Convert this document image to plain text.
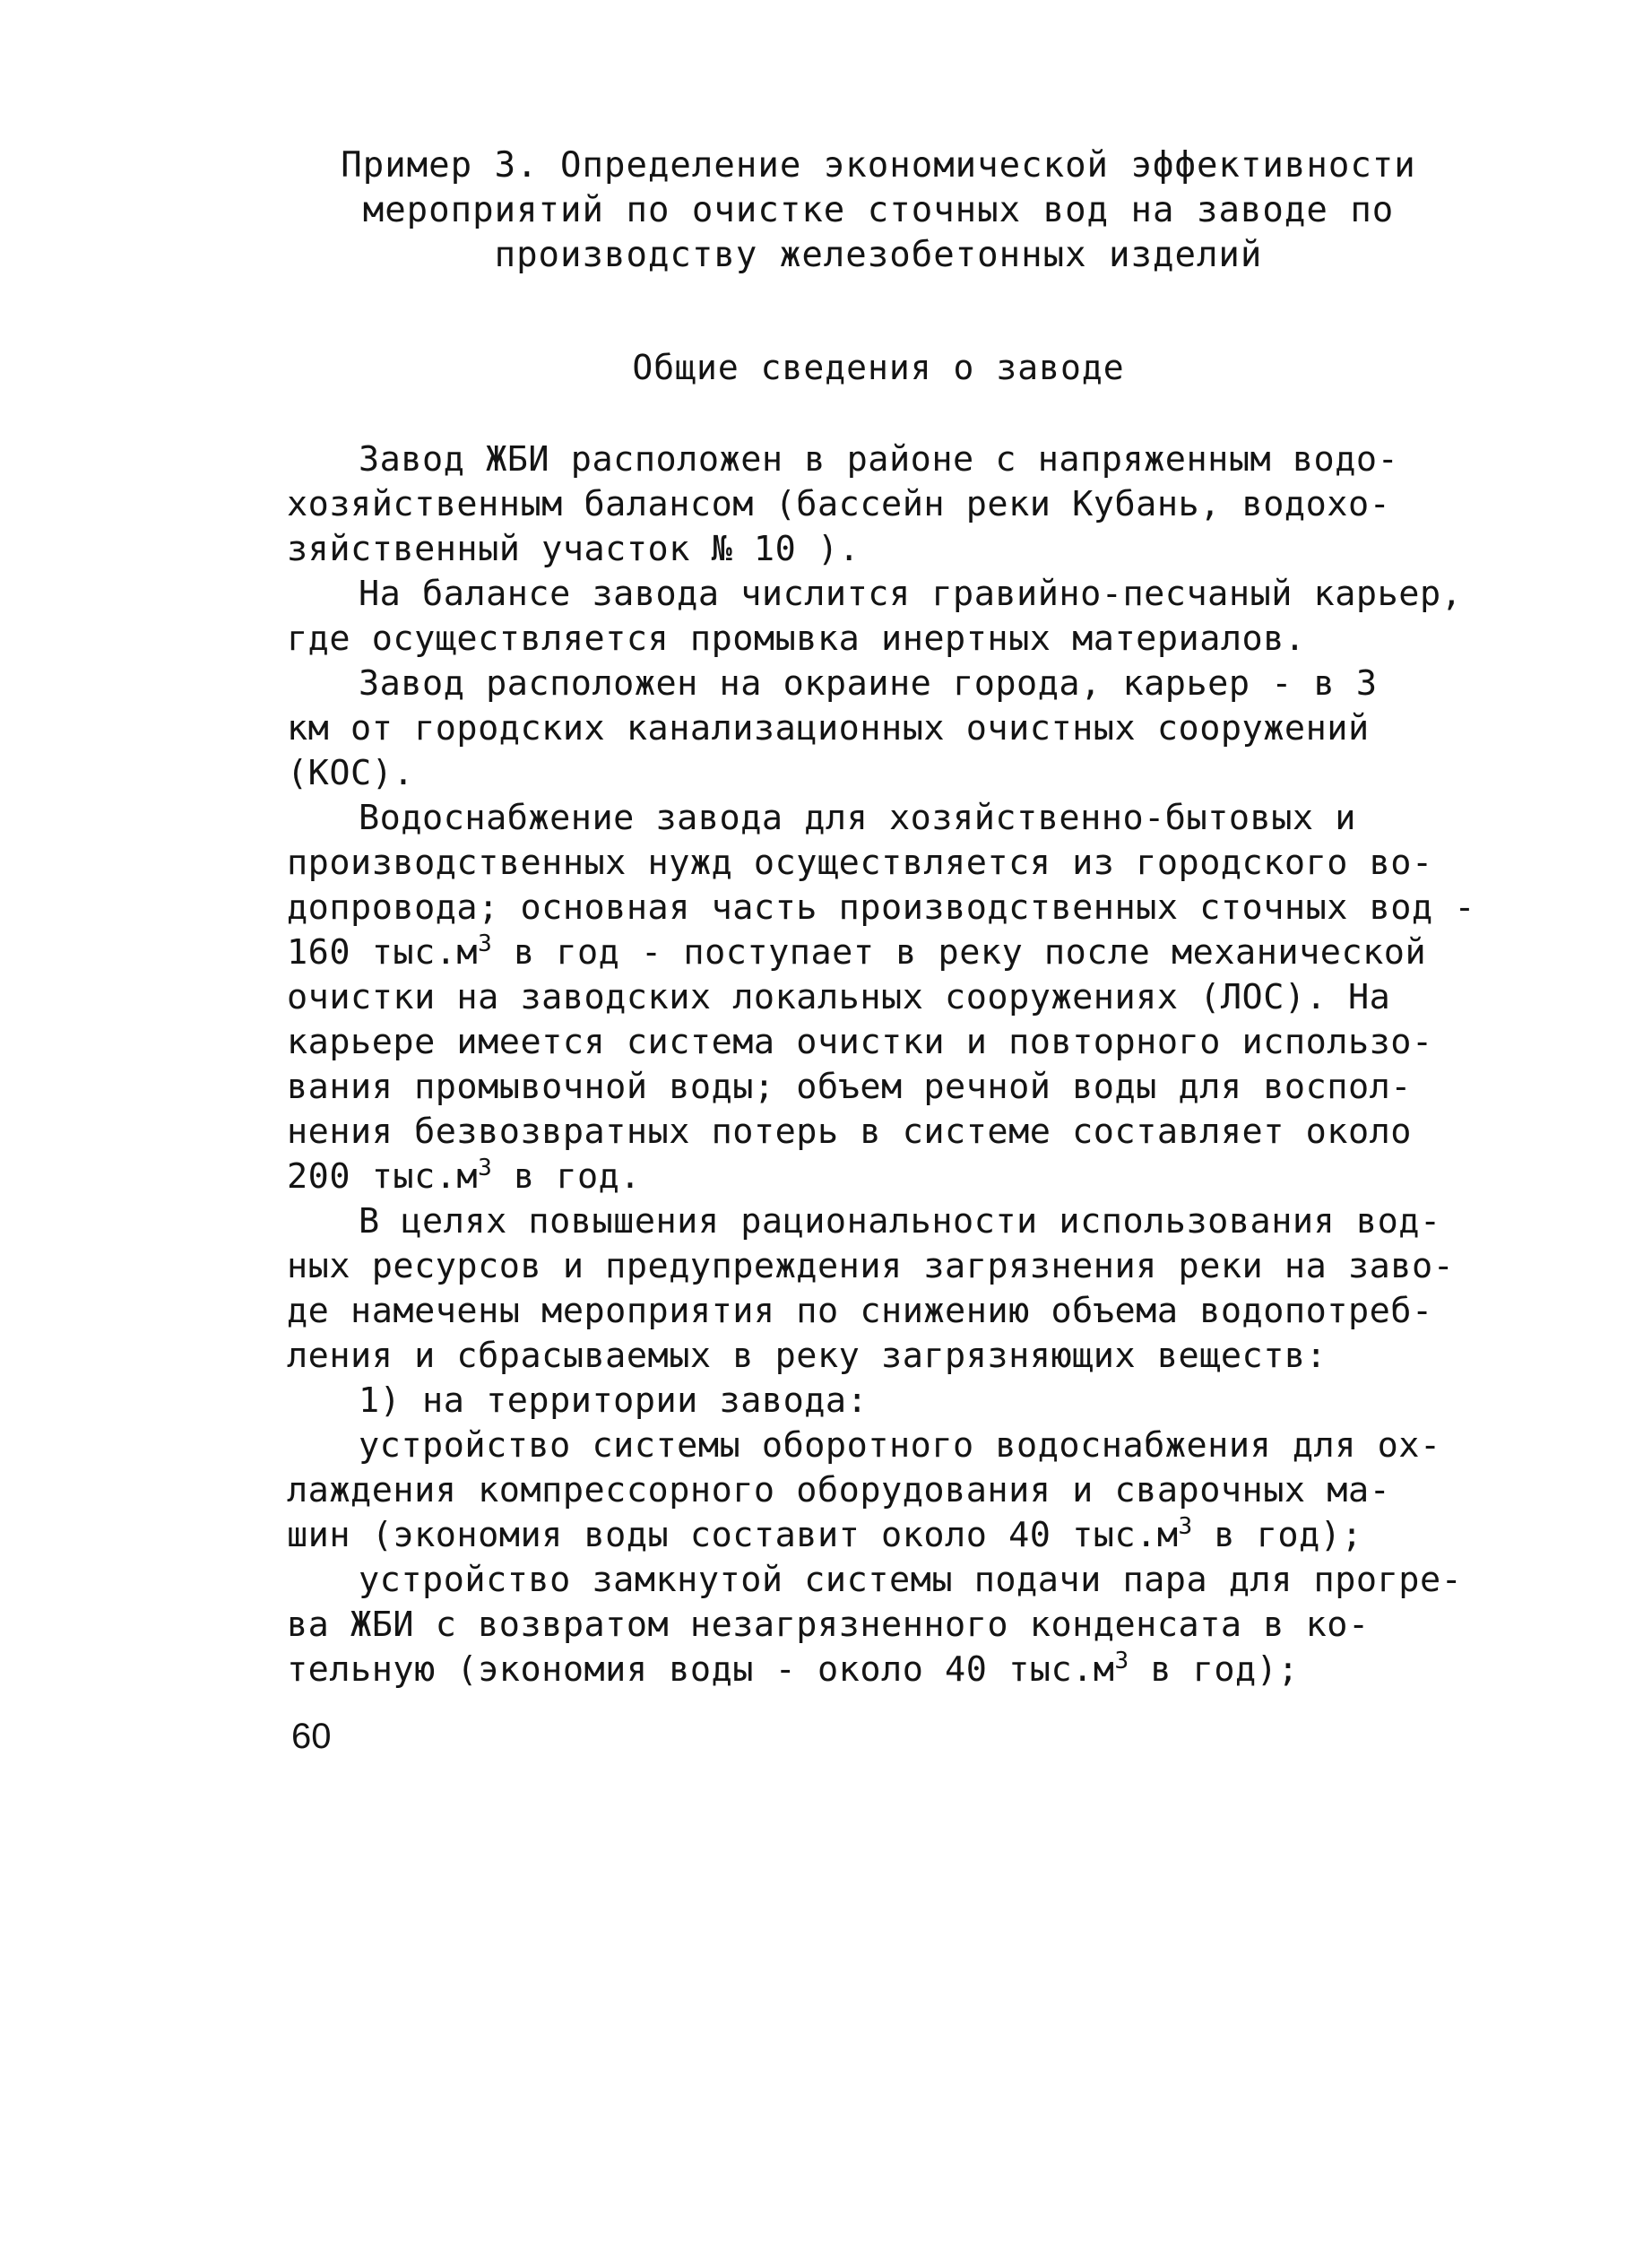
Пример 3. Определение экономической эффективности
мероприятий по очистке сточных вод на заводе по
производству железобетонных изделий
Общие сведения о заводе
Завод ЖБИ расположен в районе с напряженным водо-
хозяйственным балансом (бассейн реки Кубань, водохо-
зяйственный участок № 10 ).
На балансе завода числится гравийно-песчаный карьер,
где осуществляется промывка инертных материалов.
Завод расположен на окраине города, карьер - в 3
км от городских канализационных очистных сооружений
(КОС).
Водоснабжение завода для хозяйственно-бытовых и
производственных нужд осуществляется из городского во-
допровода; основная часть производственных сточных вод -
160 $тыс.м^3$ в год - поступает в реку после механической
очистки на заводских локальных сооружениях (ЛОС). На
карьере имеется система очистки и повторного использо-
вания промывочной воды; объем речной воды для воспол-
нения безвозвратных потерь в системе составляет около
200 $тыс.м^3$ в год.
В целях повышения рациональности использования вод-
ных ресурсов и предупреждения загрязнения реки на заво-
де намечены мероприятия по снижению объема водопотреб-
ления и сбрасываемых в реку загрязняющих веществ:
1) на территории завода:
устройство системы оборотного водоснабжения для ох-
лаждения компрессорного оборудования и сварочных ма-
шин (экономия воды составит около 40 $тыс.м^3$ в год);
устройство замкнутой системы подачи пара для прогре-
ва ЖБИ с возвратом незагрязненного конденсата в ко-
тельную (экономия воды - около 40 $тыс.м^3$ в год);
60
